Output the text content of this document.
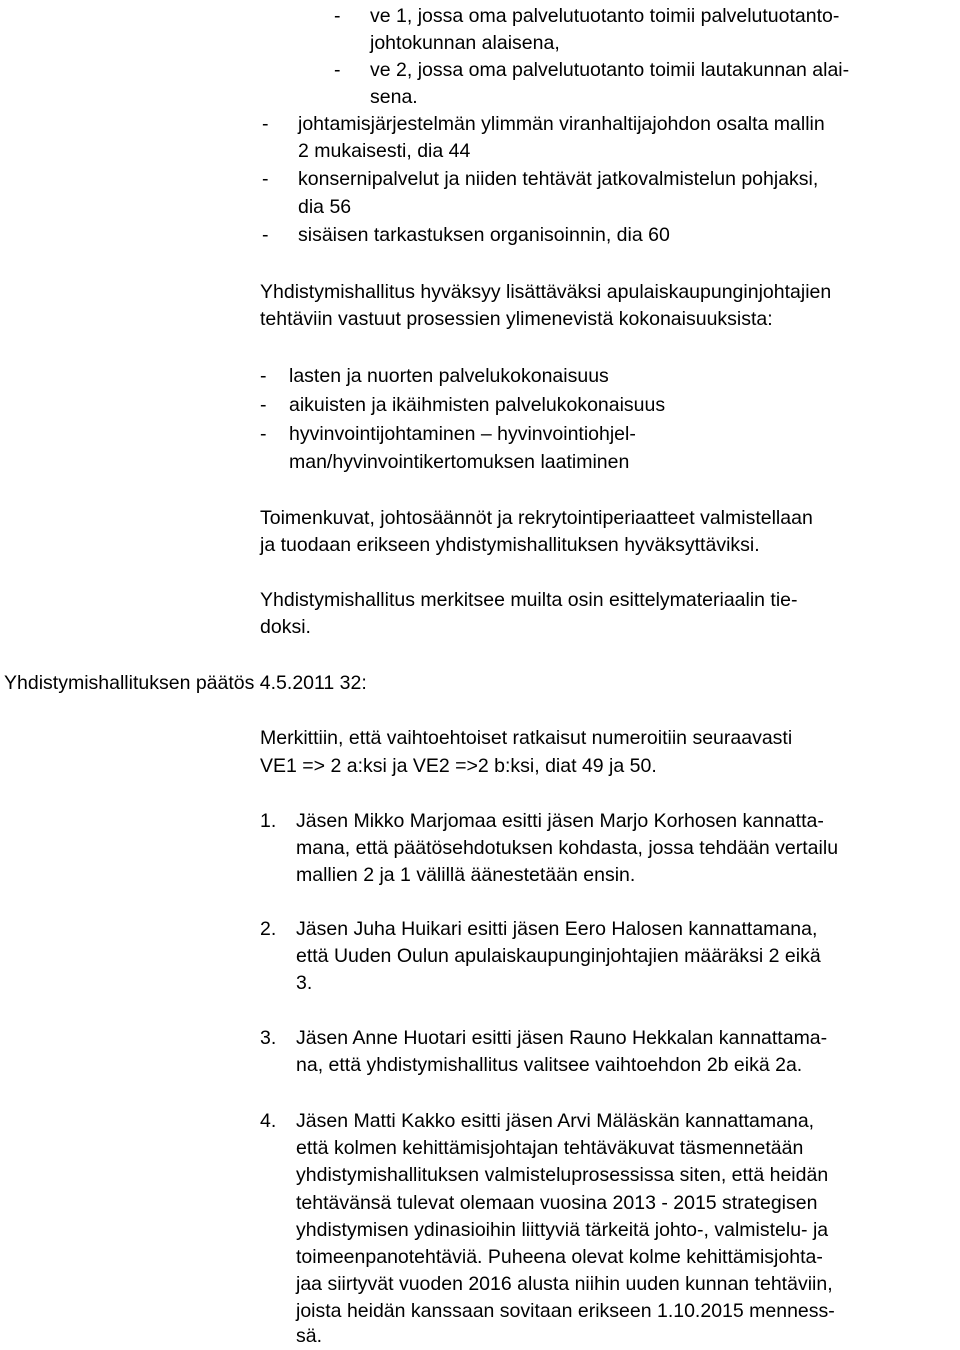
- ve 1, jossa oma palvelutuotanto toimii palvelutuotanto-
johtokunnan alaisena,
- ve 2, jossa oma palvelutuotanto toimii lautakunnan alai-
sena.
- johtamisjärjestelmän ylimmän viranhaltijajohdon osalta mallin
2 mukaisesti, dia 44
- konsernipalvelut ja niiden tehtävät jatkovalmistelun pohjaksi,
dia 56
- sisäisen tarkastuksen organisoinnin, dia 60
Yhdistymishallitus hyväksyy lisättäväksi apulaiskaupunginjohtajien
tehtäviin vastuut prosessien ylimenevistä kokonaisuuksista:
- lasten ja nuorten palvelukokonaisuus
- aikuisten ja ikäihmisten palvelukokonaisuus
- hyvinvointijohtaminen – hyvinvointiohjel-
man/hyvinvointikertomuksen laatiminen
Toimenkuvat, johtosäännöt ja rekrytointiperiaatteet valmistellaan
ja tuodaan erikseen yhdistymishallituksen hyväksyttäviksi.
Yhdistymishallitus merkitsee muilta osin esittelymateriaalin tie-
doksi.
Yhdistymishallituksen päätös 4.5.2011 32:
Merkittiin, että vaihtoehtoiset ratkaisut numeroitiin seuraavasti
VE1 => 2 a:ksi ja VE2 =>2 b:ksi, diat 49 ja 50.
1. Jäsen Mikko Marjomaa esitti jäsen Marjo Korhosen kannatta-
mana, että päätösehdotuksen kohdasta, jossa tehdään vertailu
mallien 2 ja 1 välillä äänestetään ensin.
2. Jäsen Juha Huikari esitti jäsen Eero Halosen kannattamana,
että Uuden Oulun apulaiskaupunginjohtajien määräksi 2 eikä
3.
3. Jäsen Anne Huotari esitti jäsen Rauno Hekkalan kannattama-
na, että yhdistymishallitus valitsee vaihtoehdon 2b eikä 2a.
4. Jäsen Matti Kakko esitti jäsen Arvi Mäläskän kannattamana,
että kolmen kehittämisjohtajan tehtäväkuvat täsmennetään
yhdistymishallituksen valmisteluprosessissa siten, että heidän
tehtävänsä tulevat olemaan vuosina 2013 - 2015 strategisen
yhdistymisen ydinasioihin liittyviä tärkeitä johto-, valmistelu- ja
toimeenpanotehtäviä. Puheena olevat kolme kehittämisjohta-
jaa siirtyvät vuoden 2016 alusta niihin uuden kunnan tehtäviin,
joista heidän kanssaan sovitaan erikseen 1.10.2015 menness-
sä.
